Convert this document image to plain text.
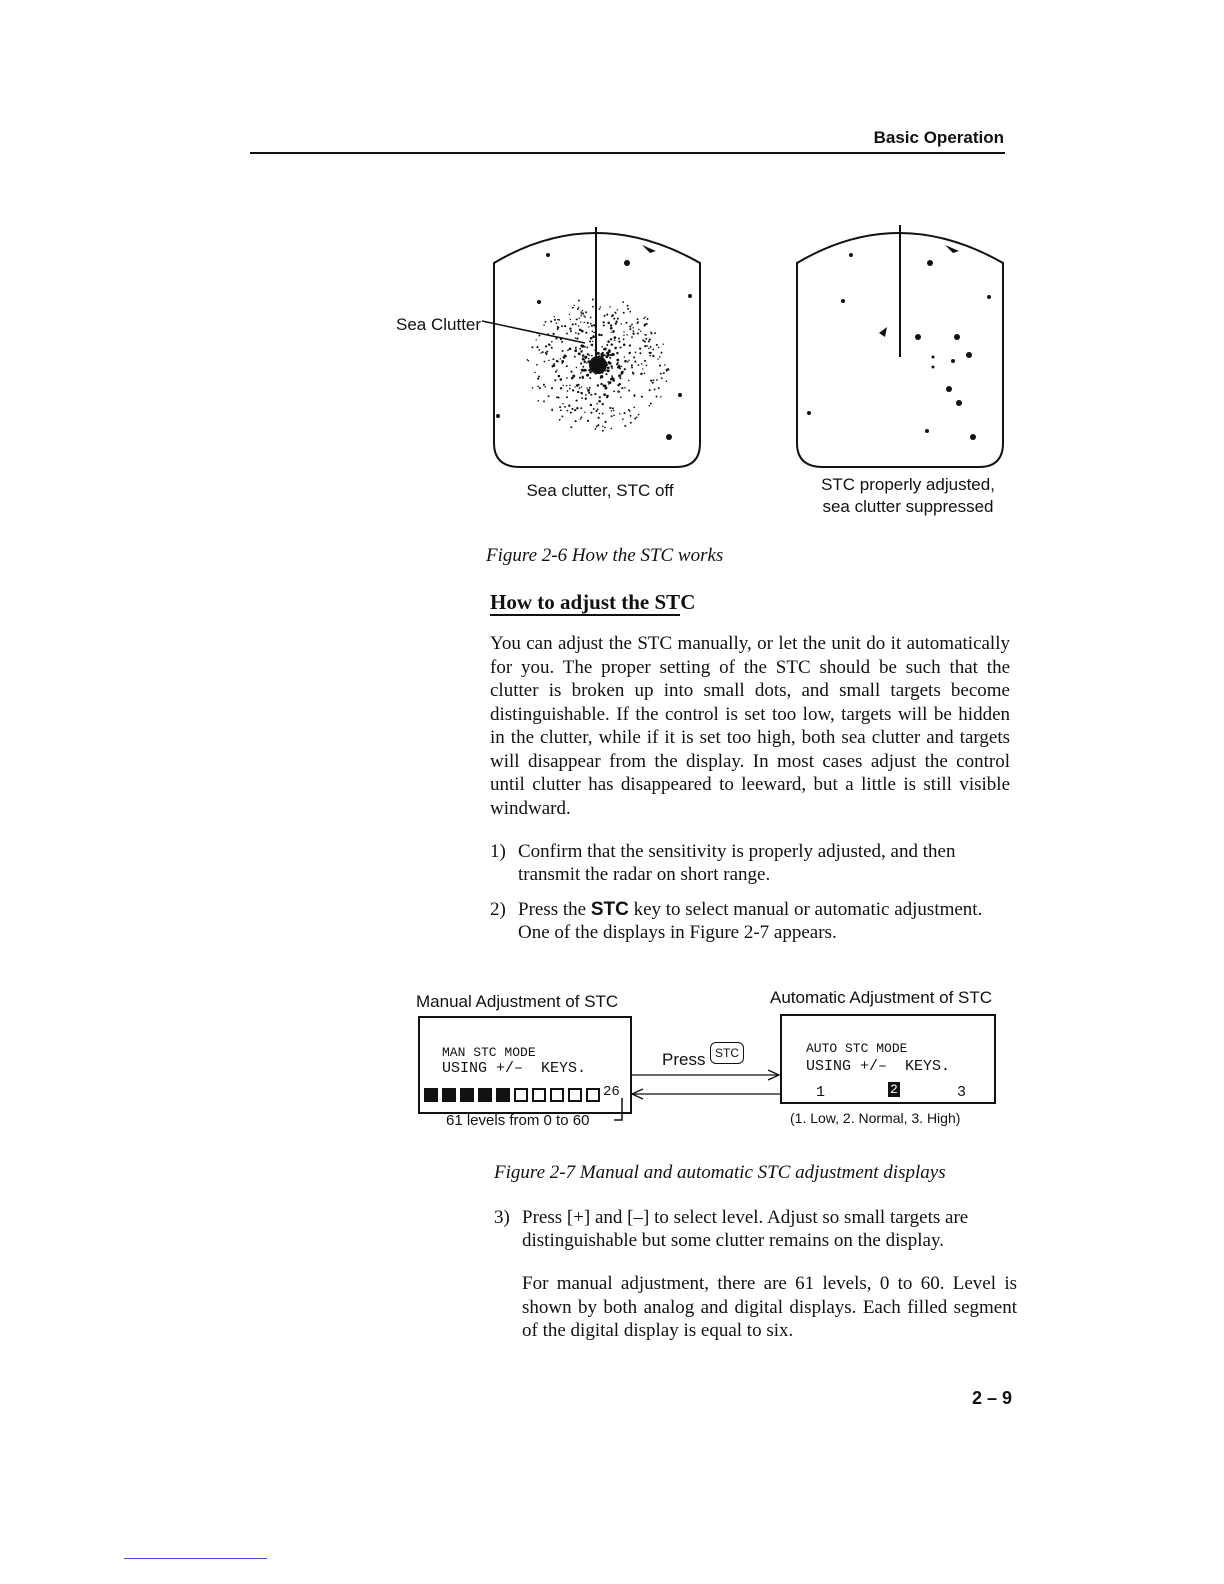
Basic Operation
Sea Clutter
Sea clutter, STC off	STC properly adjusted,
sea clutter suppressed
Figure 2-6 How the STC works
How to adjust the STC
You can adjust the STC manually, or let the unit do it automatically for you. The proper setting of the STC should be such that the clutter is broken up into small dots, and small targets become distinguishable. If the control is set too low, targets will be hidden in the clutter, while if it is set too high, both sea clutter and targets will disappear from the display. In most cases adjust the control until clutter has disappeared to leeward, but a little is still visible windward.
1) Confirm that the sensitivity is properly adjusted, and then
transmit the radar on short range.
2) Press the STC key to select manual or automatic adjustment.
One of the displays in Figure 2-7 appears.
Manual Adjustment of STC	Automatic Adjustment of STC
MAN STC MODE
USING +/–  KEYS.
26
61 levels from 0 to 60
Press STC	AUTO STC MODE
USING +/–  KEYS.
1	2	3
(1. Low, 2. Normal, 3. High)
Figure 2-7 Manual and automatic STC adjustment displays
3) Press [+] and [–] to select level. Adjust so small targets are
distinguishable but some clutter remains on the display.
For manual adjustment, there are 61 levels, 0 to 60. Level is shown by both analog and digital displays. Each filled segment of the digital display is equal to six.
2 – 9
